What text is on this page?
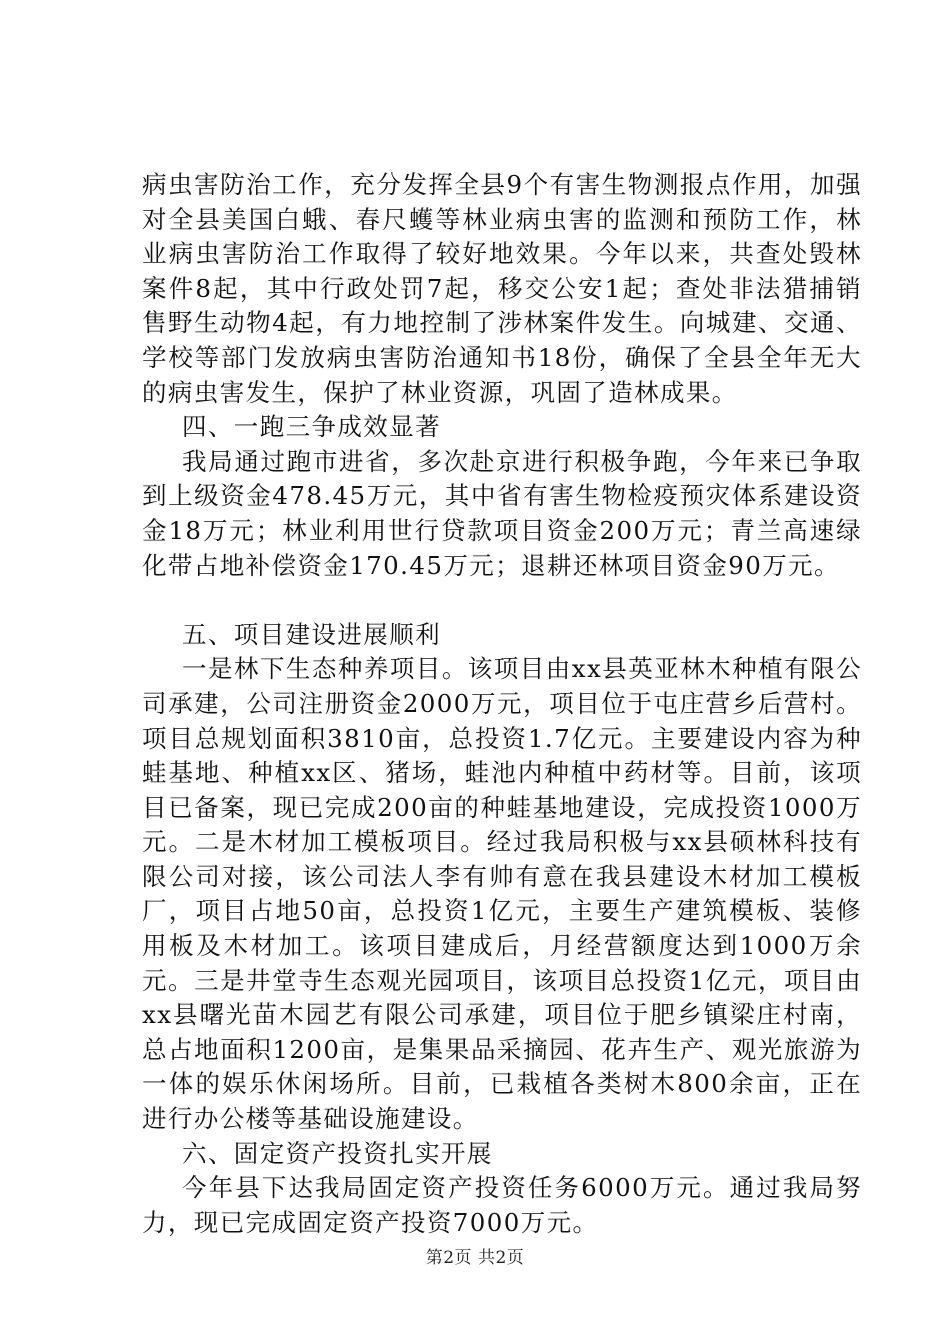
病虫害防治工作，充分发挥全县9个有害生物测报点作用，加强对全县美国白蛾、春尺蠖等林业病虫害的监测和预防工作，林业病虫害防治工作取得了较好地效果。今年以来，共查处毁林案件8起，其中行政处罚7起，移交公安1起；查处非法猎捕销售野生动物4起，有力地控制了涉林案件发生。向城建、交通、学校等部门发放病虫害防治通知书18份，确保了全县全年无大的病虫害发生，保护了林业资源，巩固了造林成果。

四、一跑三争成效显著

我局通过跑市进省，多次赴京进行积极争跑，今年来已争取到上级资金478.45万元，其中省有害生物检疫预灾体系建设资金18万元；林业利用世行贷款项目资金200万元；青兰高速绿化带占地补偿资金170.45万元；退耕还林项目资金90万元。

五、项目建设进展顺利

一是林下生态种养项目。该项目由xx县英亚林木种植有限公司承建，公司注册资金2000万元，项目位于屯庄营乡后营村。项目总规划面积3810亩，总投资1.7亿元。主要建设内容为种蛙基地、种植xx区、猪场，蛙池内种植中药材等。目前，该项目已备案，现已完成200亩的种蛙基地建设，完成投资1000万元。二是木材加工模板项目。经过我局积极与xx县硕林科技有限公司对接，该公司法人李有帅有意在我县建设木材加工模板厂，项目占地50亩，总投资1亿元，主要生产建筑模板、装修用板及木材加工。该项目建成后，月经营额度达到1000万余元。三是井堂寺生态观光园项目，该项目总投资1亿元，项目由xx县曙光苗木园艺有限公司承建，项目位于肥乡镇梁庄村南，总占地面积1200亩，是集果品采摘园、花卉生产、观光旅游为一体的娱乐休闲场所。目前，已栽植各类树木800余亩，正在进行办公楼等基础设施建设。

六、固定资产投资扎实开展

今年县下达我局固定资产投资任务6000万元。通过我局努力，现已完成固定资产投资7000万元。

第2页 共2页
